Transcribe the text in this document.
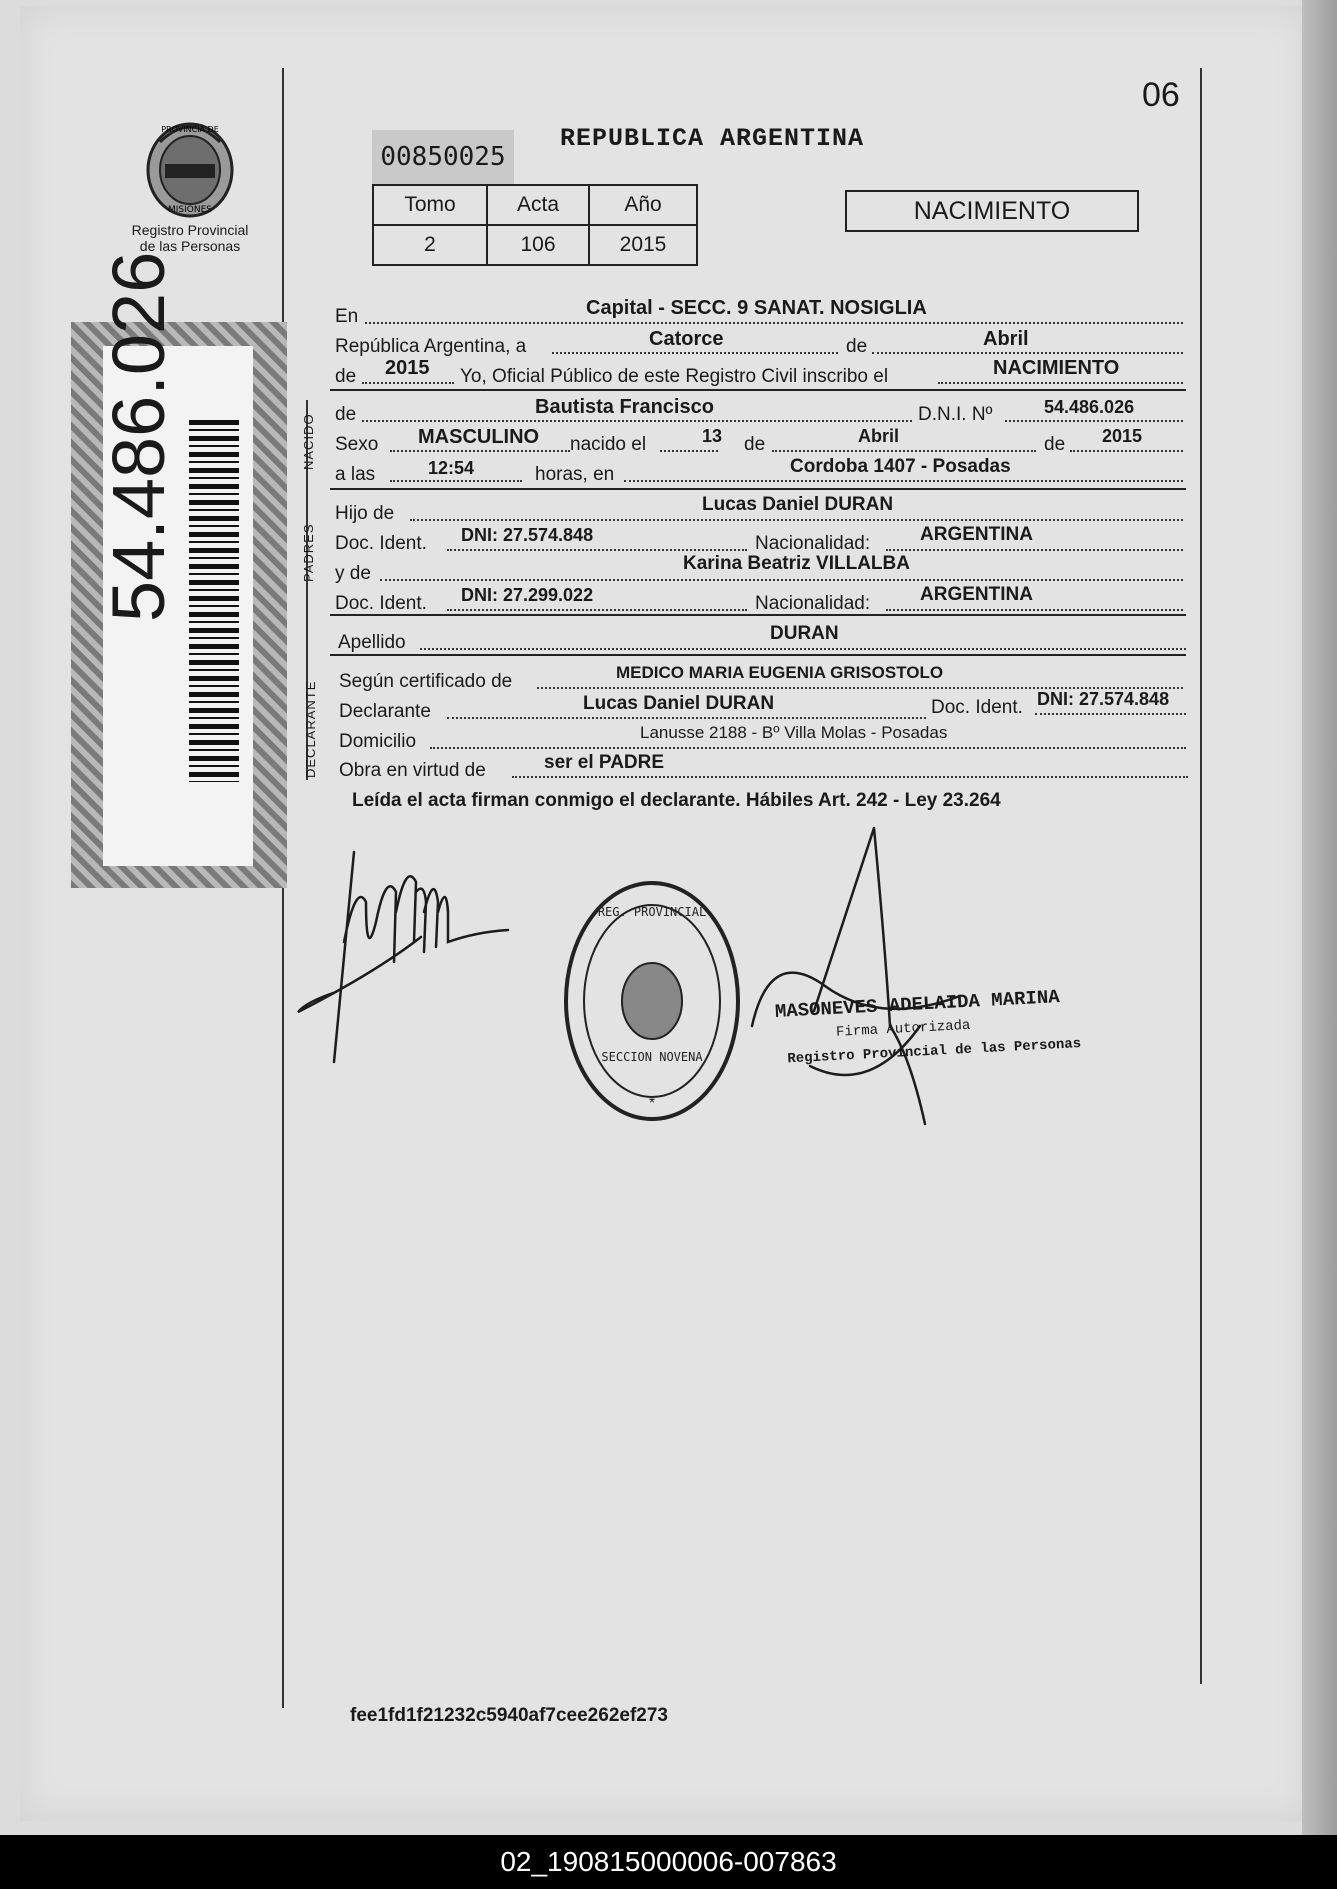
PROVINCIA DE
MISIONES
Registro Provincial
de las Personas
54.486.026
06
00850025
REPUBLICA ARGENTINA
Tomo	Acta	Año
2	106	2015
NACIMIENTO
En	Capital - SECC. 9 SANAT. NOSIGLIA
República Argentina, a	Catorce	de	Abril
de 2015 Yo, Oficial Público de este Registro Civil inscribo el	NACIMIENTO
NACIDO de	Bautista Francisco	D.N.I. Nº	54.486.026
Sexo MASCULINO nacido el	13 de	Abril	de 2015
a las	12:54	horas, en	Cordoba 1407 - Posadas
PADRES
Hijo de	Lucas Daniel DURAN
Doc. Ident. DNI: 27.574.848	Nacionalidad:	ARGENTINA
y de	Karina Beatriz VILLALBA
Doc. Ident. DNI: 27.299.022	Nacionalidad:	ARGENTINA
Apellido	DURAN
DECLARANTE Según certificado de	MEDICO MARIA EUGENIA GRISOSTOLO
Declarante	Lucas Daniel DURAN	Doc. Ident. DNI: 27.574.848
Domicilio	Lanusse 2188 - Bº Villa Molas - Posadas
Obra en virtud de	ser el PADRE
Leída el acta firman conmigo el declarante. Hábiles Art. 242 - Ley 23.264
REG. PROVINCIAL
SECCION NOVENA
*
MASONEVES ADELAIDA MARINA
Firma Autorizada
Registro Provincial de las Personas
fee1fd1f21232c5940af7cee262ef273
02_190815000006-007863
